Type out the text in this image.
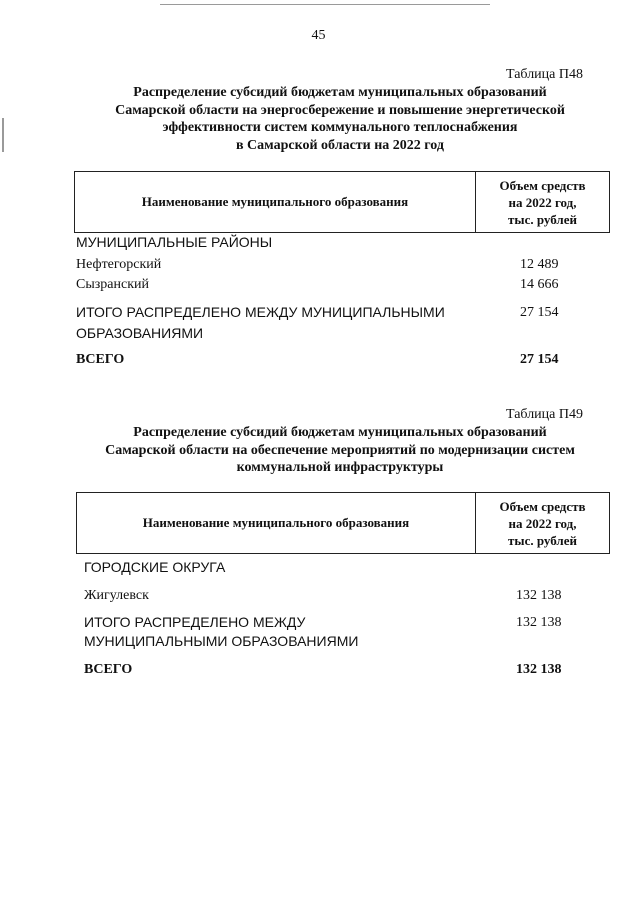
45
Таблица П48
Распределение субсидий бюджетам муниципальных образований
Самарской области на энергосбережение и повышение энергетической
эффективности систем коммунального теплоснабжения
в Самарской области на 2022 год
Наименование муниципального образования
Объем средств
на 2022 год,
тыс. рублей
МУНИЦИПАЛЬНЫЕ РАЙОНЫ
Нефтегорский	12 489
Сызранский	14 666
ИТОГО РАСПРЕДЕЛЕНО МЕЖДУ МУНИЦИПАЛЬНЫМИ
ОБРАЗОВАНИЯМИ
27 154
ВСЕГО	27 154
Таблица П49
Распределение субсидий бюджетам муниципальных образований
Самарской области на обеспечение мероприятий по модернизации систем
коммунальной инфраструктуры
Наименование муниципального образования
Объем средств
на 2022 год,
тыс. рублей
ГОРОДСКИЕ ОКРУГА
Жигулевск	132 138
ИТОГО РАСПРЕДЕЛЕНО МЕЖДУ
МУНИЦИПАЛЬНЫМИ ОБРАЗОВАНИЯМИ
132 138
ВСЕГО	132 138
